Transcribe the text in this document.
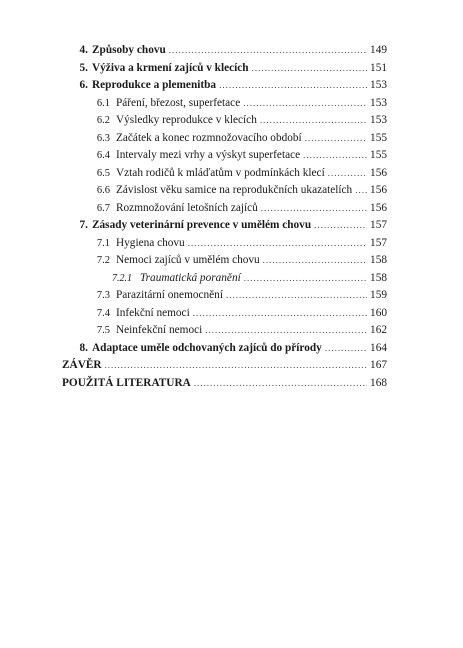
4. Způsoby chovu .....	149
5. Výživa a krmení zajíců v klecích .....	151
6. Reprodukce a plemenitba .....	153
6.1 Páření, březost, superfetace .....	153
6.2 Výsledky reprodukce v klecích .....	153
6.3 Začátek a konec rozmnožovacího období .....	155
6.4 Intervaly mezi vrhy a výskyt superfetace .....	155
6.5 Vztah rodičů k mláďatům v podmínkách klecí .....	156
6.6 Závislost věku samice na reprodukčních ukazatelích ..... 156
6.7 Rozmnožování letošních zajíců .....	156
7. Zásady veterinární prevence v umělém chovu .....	157
7.1 Hygiena chovu .....	157
7.2 Nemoci zajíců v umělém chovu .....	158
7.2.1 Traumatická poranění .....	158
7.3 Parazitární onemocnění .....	159
7.4 Infekční nemoci .....	160
7.5 Neinfekční nemoci .....	162
8. Adaptace uměle odchovaných zajíců do přírody .....	164
ZÁVĚR .....	167
POUŽITÁ LITERATURA .....	168
